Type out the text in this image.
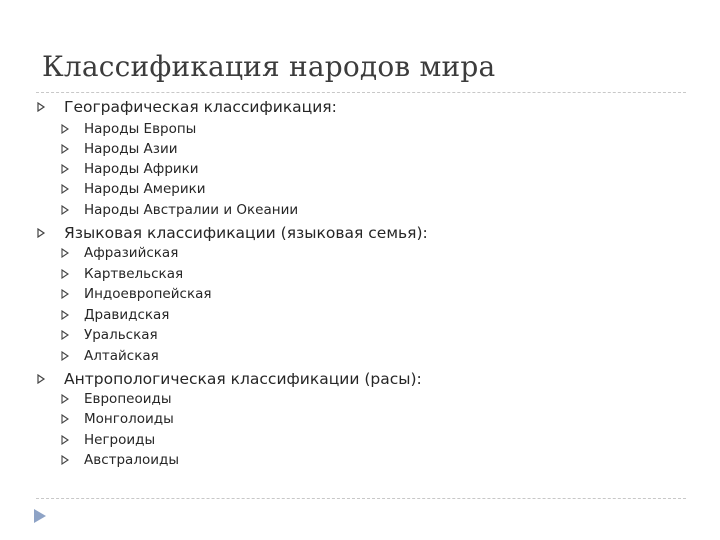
Классификация народов мира
Географическая классификация:
Народы Европы
Народы Азии
Народы Африки
Народы Америки
Народы Австралии и Океании
Языковая классификации (языковая семья):
Афразийская
Картвельская
Индоевропейская
Дравидская
Уральская
Алтайская
Антропологическая классификации (расы):
Европеоиды
Монголоиды
Негроиды
Австралоиды
